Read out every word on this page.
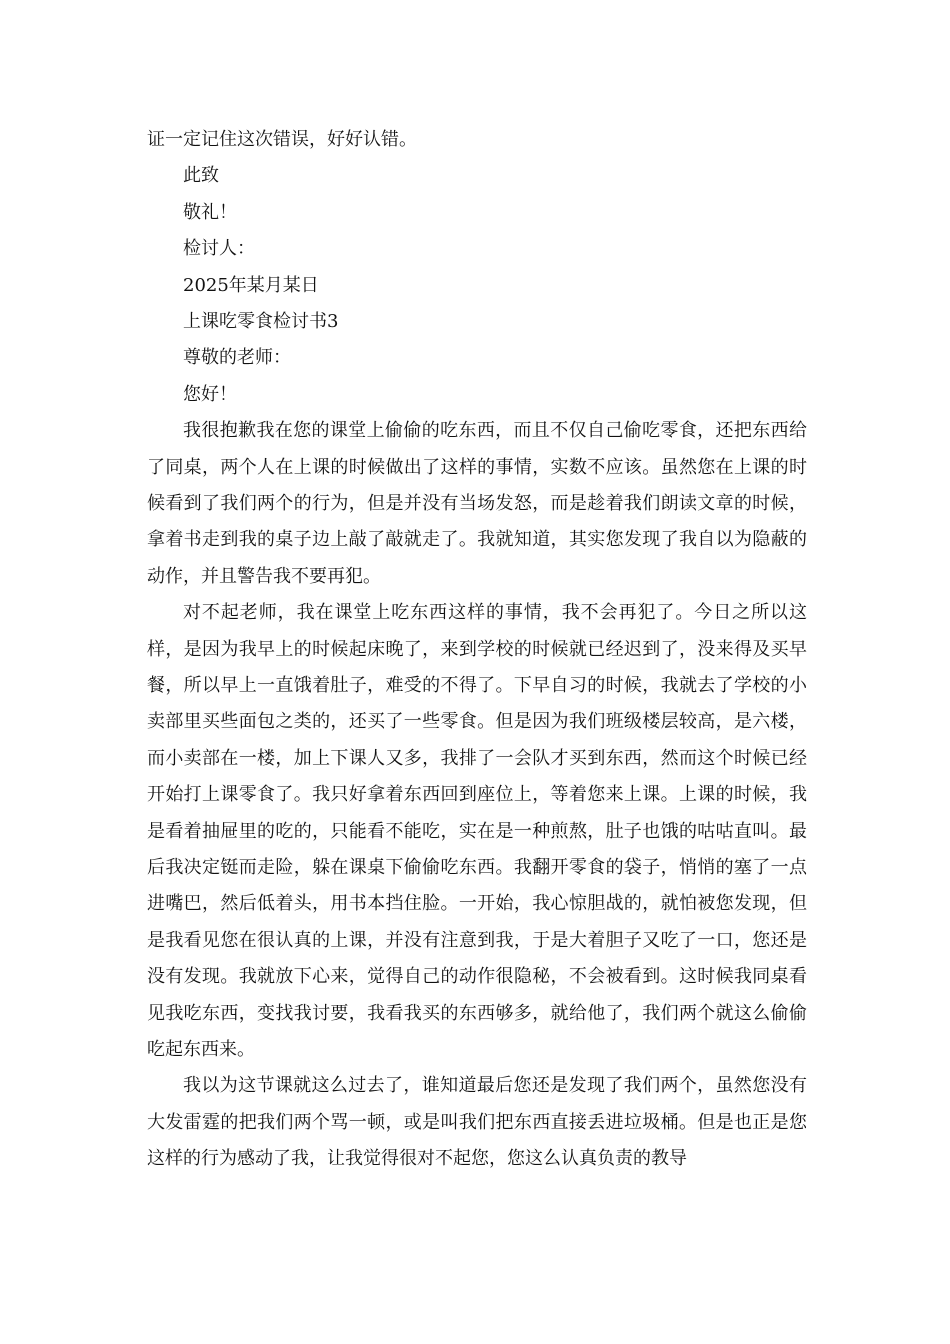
证一定记住这次错误，好好认错。

此致

敬礼！

检讨人：

2025年某月某日

上课吃零食检讨书3

尊敬的老师：

您好！

我很抱歉我在您的课堂上偷偷的吃东西，而且不仅自己偷吃零食，还把东西给了同桌，两个人在上课的时候做出了这样的事情，实数不应该。虽然您在上课的时候看到了我们两个的行为，但是并没有当场发怒，而是趁着我们朗读文章的时候，拿着书走到我的桌子边上敲了敲就走了。我就知道，其实您发现了我自以为隐蔽的动作，并且警告我不要再犯。

对不起老师，我在课堂上吃东西这样的事情，我不会再犯了。今日之所以这样，是因为我早上的时候起床晚了，来到学校的时候就已经迟到了，没来得及买早餐，所以早上一直饿着肚子，难受的不得了。下早自习的时候，我就去了学校的小卖部里买些面包之类的，还买了一些零食。但是因为我们班级楼层较高，是六楼，而小卖部在一楼，加上下课人又多，我排了一会队才买到东西，然而这个时候已经开始打上课零食了。我只好拿着东西回到座位上，等着您来上课。上课的时候，我是看着抽屉里的吃的，只能看不能吃，实在是一种煎熬，肚子也饿的咕咕直叫。最后我决定铤而走险，躲在课桌下偷偷吃东西。我翻开零食的袋子，悄悄的塞了一点进嘴巴，然后低着头，用书本挡住脸。一开始，我心惊胆战的，就怕被您发现，但是我看见您在很认真的上课，并没有注意到我，于是大着胆子又吃了一口，您还是没有发现。我就放下心来，觉得自己的动作很隐秘，不会被看到。这时候我同桌看见我吃东西，变找我讨要，我看我买的东西够多，就给他了，我们两个就这么偷偷吃起东西来。

我以为这节课就这么过去了，谁知道最后您还是发现了我们两个，虽然您没有大发雷霆的把我们两个骂一顿，或是叫我们把东西直接丢进垃圾桶。但是也正是您这样的行为感动了我，让我觉得很对不起您，您这么认真负责的教导
